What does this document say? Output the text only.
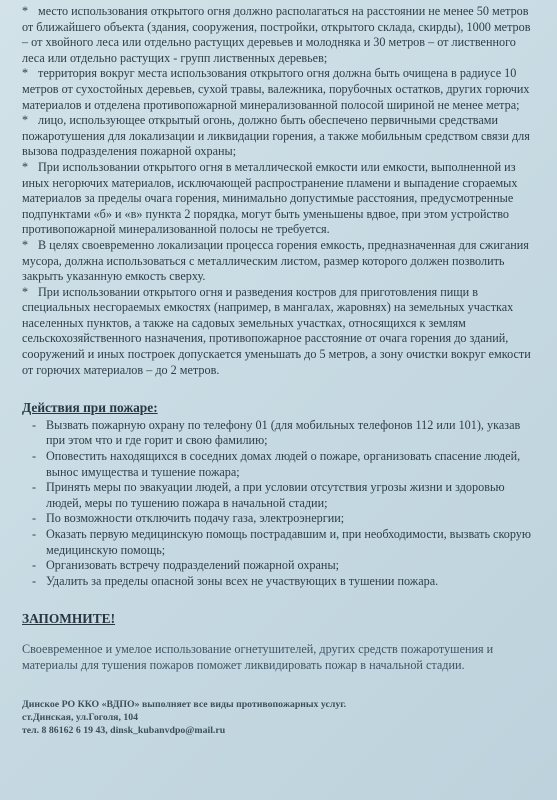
* место использования открытого огня должно располагаться на расстоянии не менее 50 метров от ближайшего объекта (здания, сооружения, постройки, открытого склада, скирды), 1000 метров – от хвойного леса или отдельно растущих деревьев и молодняка и 30 метров – от лиственного леса или отдельно растущих - групп лиственных деревьев;

* территория вокруг места использования открытого огня должна быть очищена в радиусе 10 метров от сухостойных деревьев, сухой травы, валежника, порубочных остатков, других горючих материалов и отделена противопожарной минерализованной полосой шириной не менее метра;

* лицо, использующее открытый огонь, должно быть обеспечено первичными средствами пожаротушения для локализации и ликвидации горения, а также мобильным средством связи для вызова подразделения пожарной охраны;

* При использовании открытого огня в металлической емкости или емкости, выполненной из иных негорючих материалов, исключающей распространение пламени и выпадение сгораемых материалов за пределы очага горения, минимально допустимые расстояния, предусмотренные подпунктами «б» и «в» пункта 2 порядка, могут быть уменьшены вдвое, при этом устройство противопожарной минерализованной полосы не требуется.

* В целях своевременно локализации процесса горения емкость, предназначенная для сжигания мусора, должна использоваться с металлическим листом, размер которого должен позволить закрыть указанную емкость сверху.

* При использовании открытого огня и разведения костров для приготовления пищи в специальных несгораемых емкостях (например, в мангалах, жаровнях) на земельных участках населенных пунктов, а также на садовых земельных участках, относящихся к землям сельскохозяйственного назначения, противопожарное расстояние от очага горения до зданий, сооружений и иных построек допускается уменьшать до 5 метров, а зону очистки вокруг емкости от горючих материалов – до 2 метров.

Действия при пожаре:
- Вызвать пожарную охрану по телефону 01 (для мобильных телефонов 112 или 101), указав при этом что и где горит и свою фамилию;
- Оповестить находящихся в соседних домах людей о пожаре, организовать спасение людей, вынос имущества и тушение пожара;
- Принять меры по эвакуации людей, а при условии отсутствия угрозы жизни и здоровью людей, меры по тушению пожара в начальной стадии;
- По возможности отключить подачу газа, электроэнергии;
- Оказать первую медицинскую помощь пострадавшим и, при необходимости, вызвать скорую медицинскую помощь;
- Организовать встречу подразделений пожарной охраны;
- Удалить за пределы опасной зоны всех не участвующих в тушении пожара.
ЗАПОМНИТЕ!

Своевременное и умелое использование огнетушителей, других средств пожаротушения и материалы для тушения пожаров поможет ликвидировать пожар в начальной стадии.

Динское РО ККО «ВДПО» выполняет все виды противопожарных услуг.
ст.Динская, ул.Гоголя, 104
тел. 8 86162 6 19 43, dinsk_kubanvdpo@mail.ru
